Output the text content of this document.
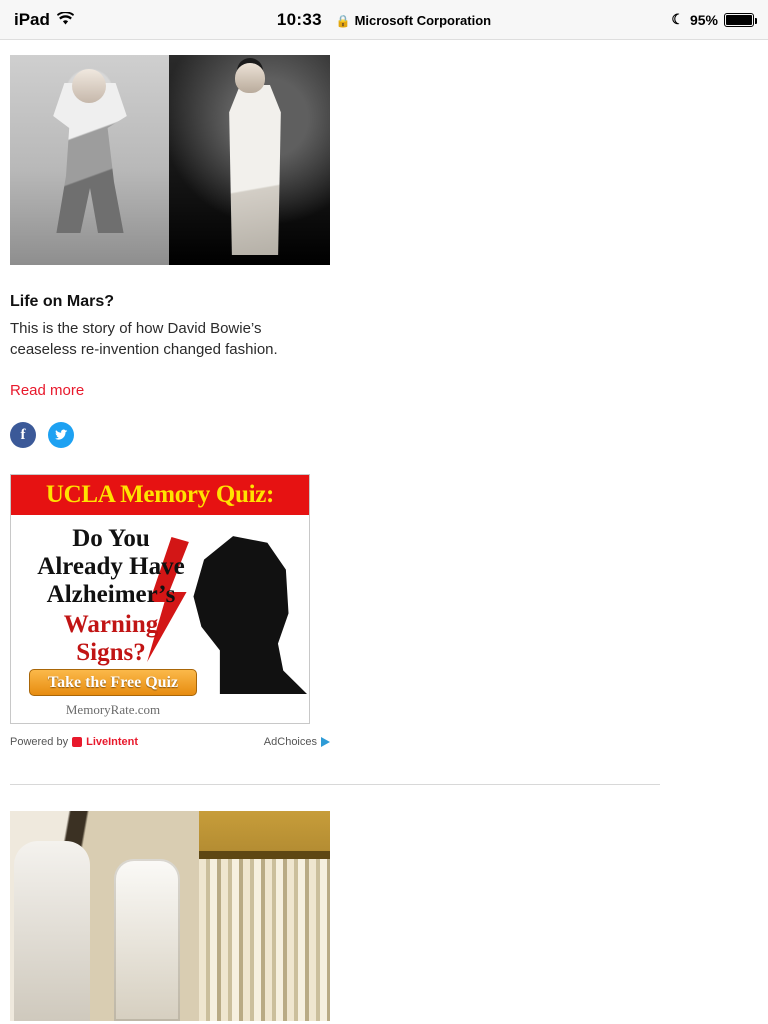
iPad	10:33 🔒 Microsoft Corporation	☾ 95%
Life on Mars?
This is the story of how David Bowie’s ceaseless re-invention changed fashion.
Read more
f
UCLA Memory Quiz:
Do You
Already Have
Alzheimer’s
Warning
Signs?
Take the Free Quiz
MemoryRate.com
Powered by LiveIntent	AdChoices
